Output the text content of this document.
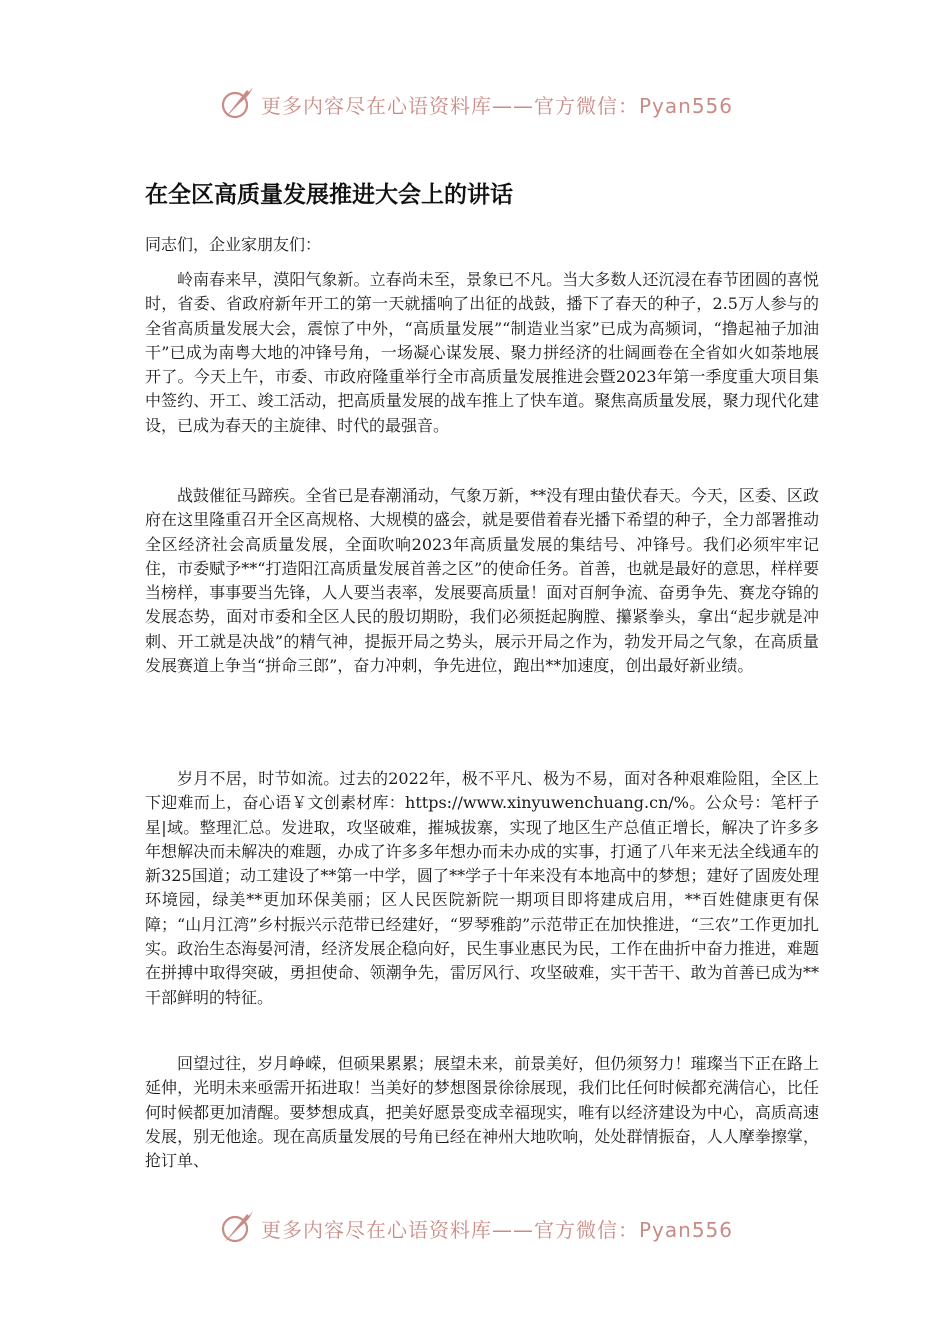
更多内容尽在心语资料库——官方微信：Pyan556
在全区高质量发展推进大会上的讲话

同志们，企业家朋友们：

岭南春来早，漠阳气象新。立春尚未至，景象已不凡。当大多数人还沉浸在春节团圆的喜悦时，省委、省政府新年开工的第一天就擂响了出征的战鼓，播下了春天的种子，2.5万人参与的全省高质量发展大会，震惊了中外，“高质量发展”“制造业当家”已成为高频词，“撸起袖子加油干”已成为南粤大地的冲锋号角，一场凝心谋发展、聚力拼经济的壮阔画卷在全省如火如荼地展开了。今天上午，市委、市政府隆重举行全市高质量发展推进会暨2023年第一季度重大项目集中签约、开工、竣工活动，把高质量发展的战车推上了快车道。聚焦高质量发展，聚力现代化建设，已成为春天的主旋律、时代的最强音。

战鼓催征马蹄疾。全省已是春潮涌动，气象万新，**没有理由蛰伏春天。今天，区委、区政府在这里隆重召开全区高规格、大规模的盛会，就是要借着春光播下希望的种子，全力部署推动全区经济社会高质量发展，全面吹响2023年高质量发展的集结号、冲锋号。我们必须牢牢记住，市委赋予**“打造阳江高质量发展首善之区”的使命任务。首善，也就是最好的意思，样样要当榜样，事事要当先锋，人人要当表率，发展要高质量！面对百舸争流、奋勇争先、赛龙夺锦的发展态势，面对市委和全区人民的殷切期盼，我们必须挺起胸膛、攥紧拳头，拿出“起步就是冲刺、开工就是决战”的精气神，提振开局之势头，展示开局之作为，勃发开局之气象，在高质量发展赛道上争当“拼命三郎”，奋力冲刺，争先进位，跑出**加速度，创出最好新业绩。

岁月不居，时节如流。过去的2022年，极不平凡、极为不易，面对各种艰难险阻，全区上下迎难而上，奋心语￥文创素材库：https://www.xinyuwenchuang.cn/%。公众号：笔杆子星|域。整理汇总。发进取，攻坚破难，摧城拔寨，实现了地区生产总值正增长，解决了许多多年想解决而未解决的难题，办成了许多多年想办而未办成的实事，打通了八年来无法全线通车的新325国道；动工建设了**第一中学，圆了**学子十年来没有本地高中的梦想；建好了固废处理环境园，绿美**更加环保美丽；区人民医院新院一期项目即将建成启用，**百姓健康更有保障；“山月江湾”乡村振兴示范带已经建好，“罗琴雅韵”示范带正在加快推进，“三农”工作更加扎实。政治生态海晏河清，经济发展企稳向好，民生事业惠民为民，工作在曲折中奋力推进，难题在拼搏中取得突破，勇担使命、领潮争先，雷厉风行、攻坚破难，实干苦干、敢为首善已成为**干部鲜明的特征。

回望过往，岁月峥嵘，但硕果累累；展望未来，前景美好，但仍须努力！璀璨当下正在路上延伸，光明未来亟需开拓进取！当美好的梦想图景徐徐展现，我们比任何时候都充满信心，比任何时候都更加清醒。要梦想成真，把美好愿景变成幸福现实，唯有以经济建设为中心，高质高速发展，别无他途。现在高质量发展的号角已经在神州大地吹响，处处群情振奋，人人摩拳擦掌，抢订单、

更多内容尽在心语资料库——官方微信：Pyan556
